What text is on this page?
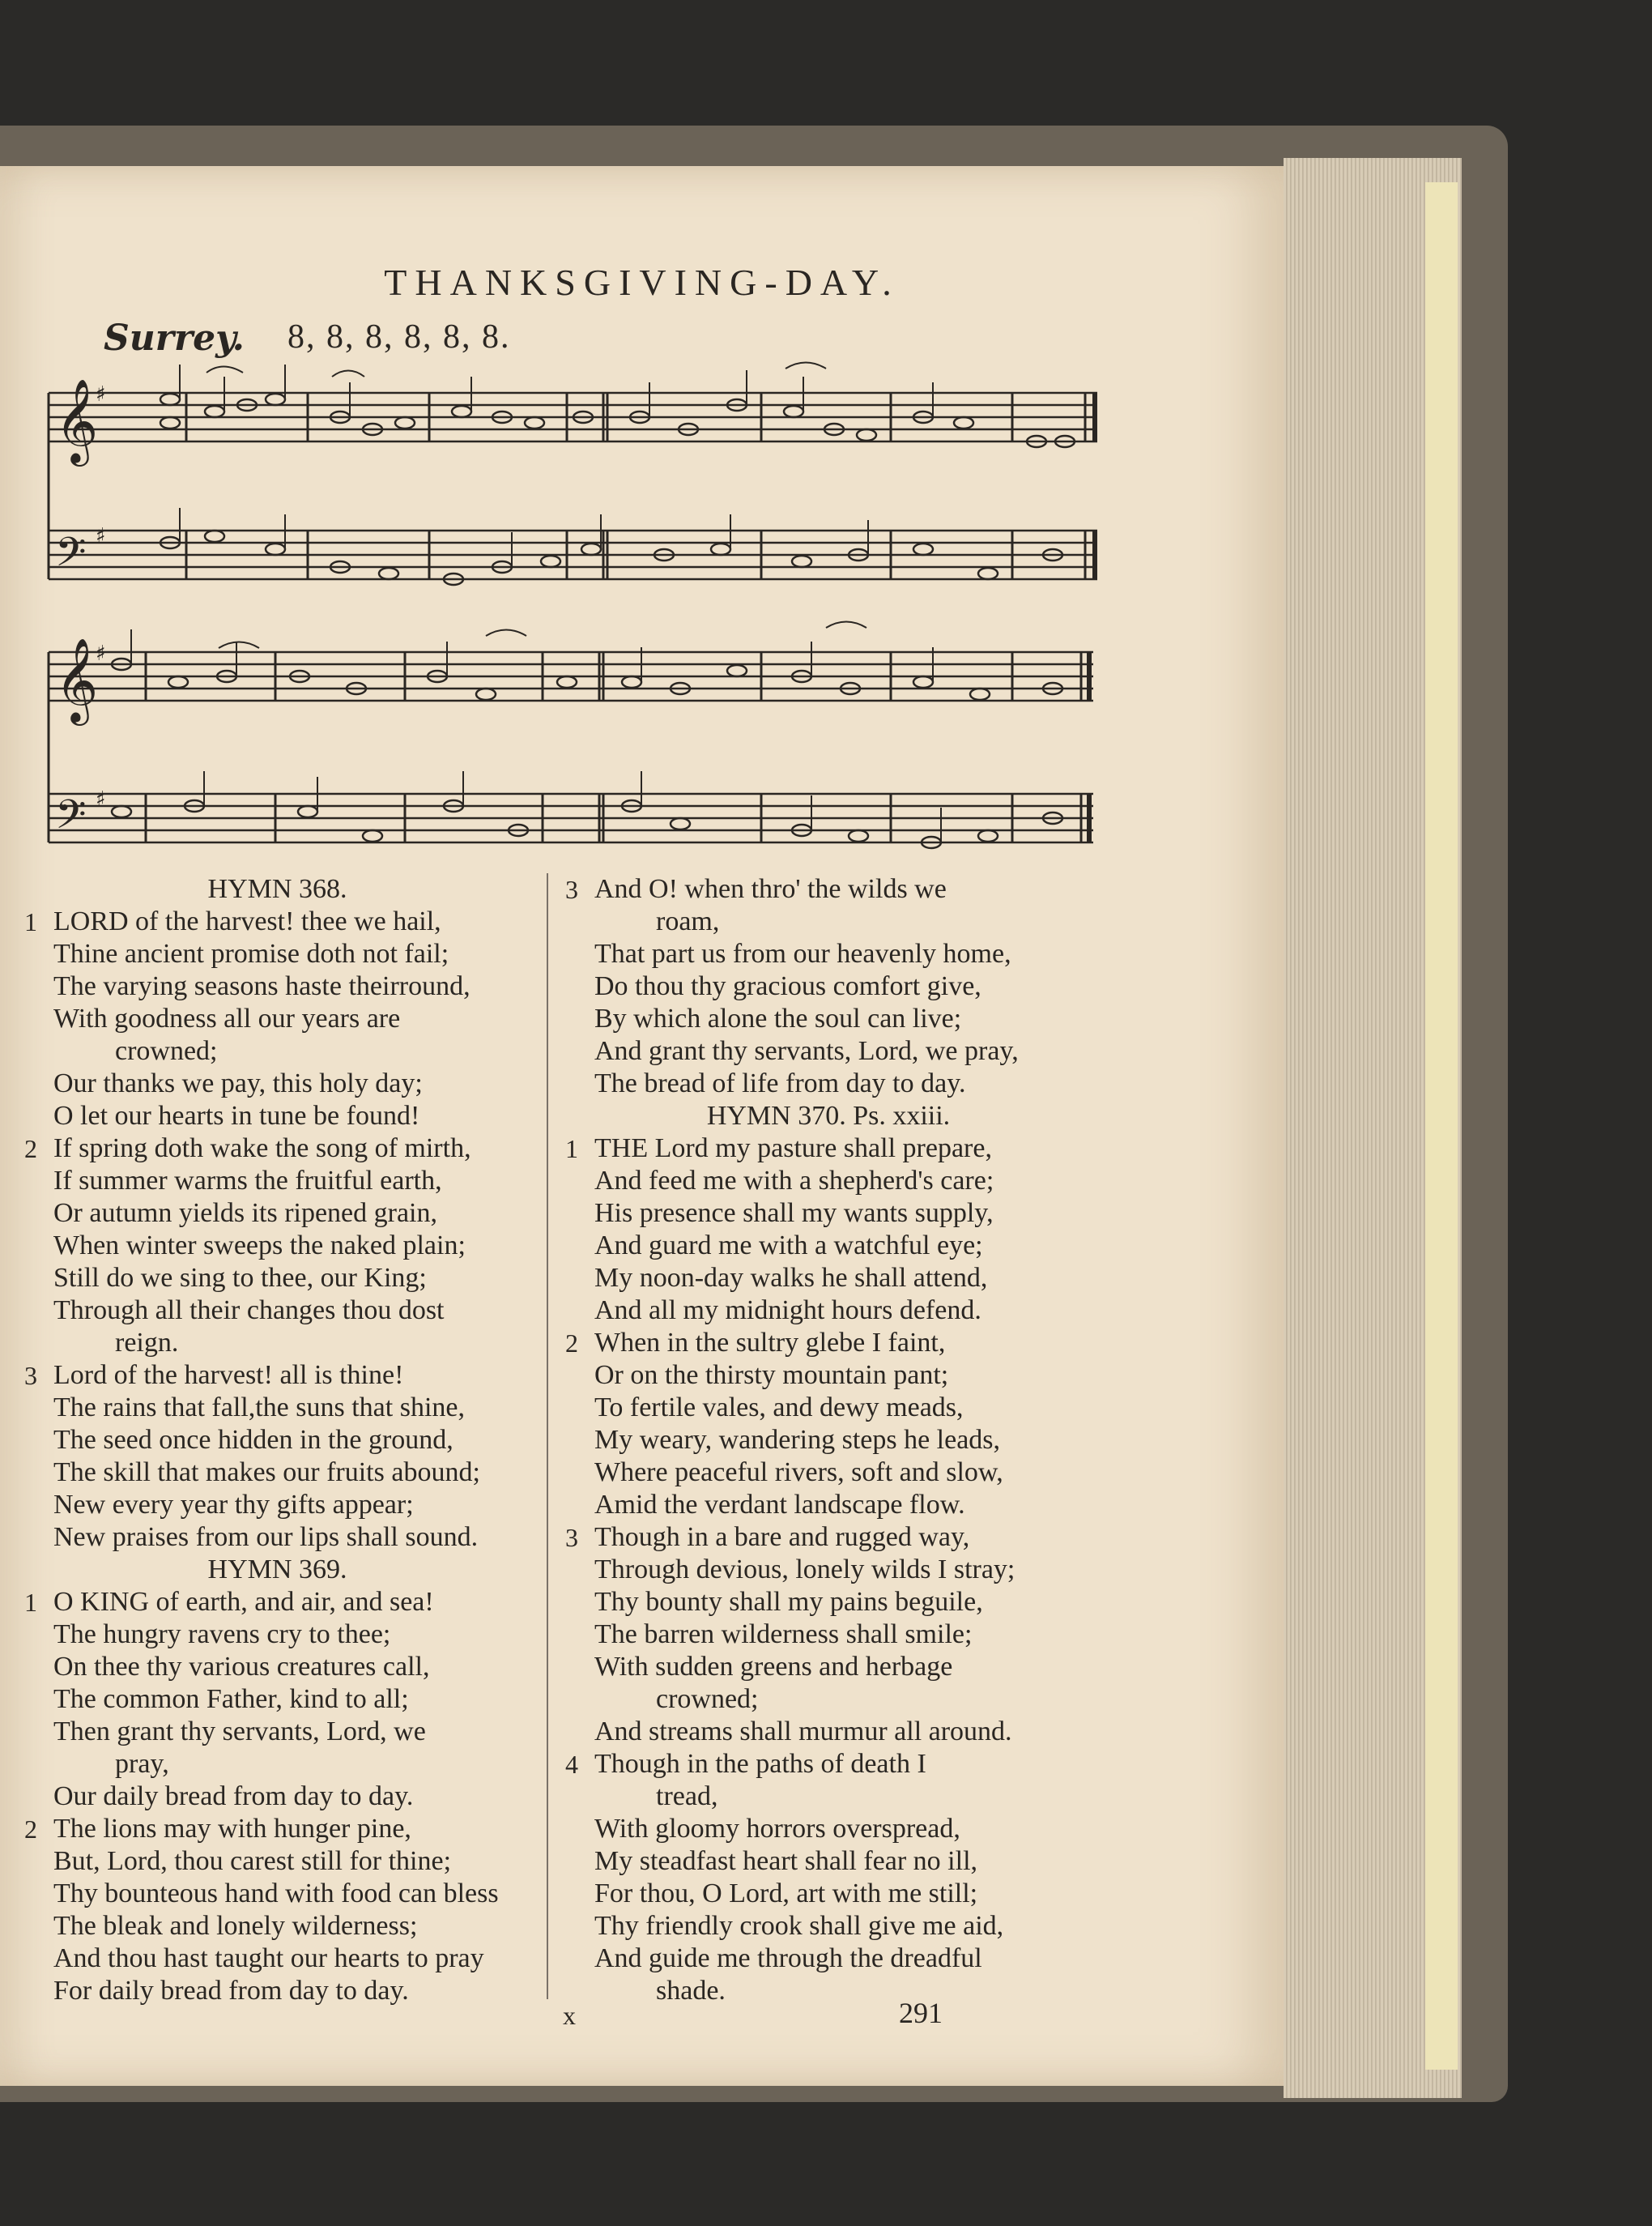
THANKSGIVING-DAY.
Surrey. 8, 8, 8, 8, 8, 8.
𝄞
𝄢
𝄞
𝄢
♯
♯
♯
♯
HYMN 368.
1 LORD of the harvest! thee we hail,
Thine ancient promise doth not fail;
The varying seasons haste theirround,
With goodness all our years are
crowned;
Our thanks we pay, this holy day;
O let our hearts in tune be found!
2 If spring doth wake the song of mirth,
If summer warms the fruitful earth,
Or autumn yields its ripened grain,
When winter sweeps the naked plain;
Still do we sing to thee, our King;
Through all their changes thou dost
reign.
3 Lord of the harvest! all is thine!
The rains that fall,the suns that shine,
The seed once hidden in the ground,
The skill that makes our fruits abound;
New every year thy gifts appear;
New praises from our lips shall sound.
HYMN 369.
1 O KING of earth, and air, and sea!
The hungry ravens cry to thee;
On thee thy various creatures call,
The common Father, kind to all;
Then grant thy servants, Lord, we
pray,
Our daily bread from day to day.
2 The lions may with hunger pine,
But, Lord, thou carest still for thine;
Thy bounteous hand with food can bless
The bleak and lonely wilderness;
And thou hast taught our hearts to pray
For daily bread from day to day.
3 And O! when thro' the wilds we
roam,
That part us from our heavenly home,
Do thou thy gracious comfort give,
By which alone the soul can live;
And grant thy servants, Lord, we pray,
The bread of life from day to day.
HYMN 370. Ps. xxiii.
1 THE Lord my pasture shall prepare,
And feed me with a shepherd's care;
His presence shall my wants supply,
And guard me with a watchful eye;
My noon-day walks he shall attend,
And all my midnight hours defend.
2 When in the sultry glebe I faint,
Or on the thirsty mountain pant;
To fertile vales, and dewy meads,
My weary, wandering steps he leads,
Where peaceful rivers, soft and slow,
Amid the verdant landscape flow.
3 Though in a bare and rugged way,
Through devious, lonely wilds I stray;
Thy bounty shall my pains beguile,
The barren wilderness shall smile;
With sudden greens and herbage
crowned;
And streams shall murmur all around.
4 Though in the paths of death I
tread,
With gloomy horrors overspread,
My steadfast heart shall fear no ill,
For thou, O Lord, art with me still;
Thy friendly crook shall give me aid,
And guide me through the dreadful
shade.
x	291
